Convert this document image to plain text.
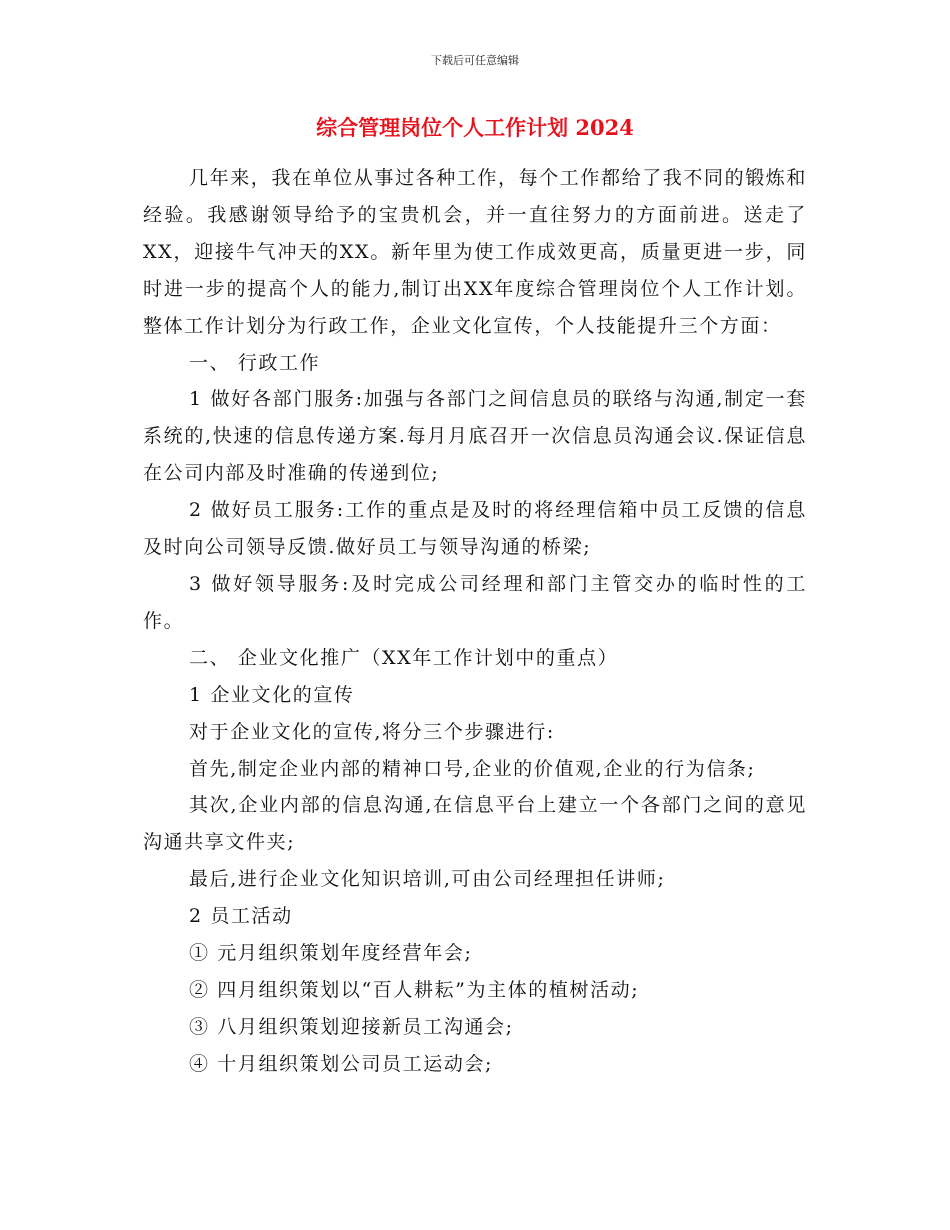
下载后可任意编辑
综合管理岗位个人工作计划 2024

几年来，我在单位从事过各种工作，每个工作都给了我不同的锻炼和经验。我感谢领导给予的宝贵机会，并一直往努力的方面前进。送走了XX，迎接牛气冲天的XX。新年里为使工作成效更高，质量更进一步，同时进一步的提高个人的能力,制订出XX年度综合管理岗位个人工作计划。整体工作计划分为行政工作，企业文化宣传，个人技能提升三个方面：

一、 行政工作

1 做好各部门服务:加强与各部门之间信息员的联络与沟通,制定一套系统的,快速的信息传递方案.每月月底召开一次信息员沟通会议.保证信息在公司内部及时准确的传递到位;

2 做好员工服务:工作的重点是及时的将经理信箱中员工反馈的信息及时向公司领导反馈.做好员工与领导沟通的桥梁;

3 做好领导服务:及时完成公司经理和部门主管交办的临时性的工作。

二、 企业文化推广（XX年工作计划中的重点）

1 企业文化的宣传

对于企业文化的宣传,将分三个步骤进行:

首先,制定企业内部的精神口号,企业的价值观,企业的行为信条;

其次,企业内部的信息沟通,在信息平台上建立一个各部门之间的意见沟通共享文件夹;

最后,进行企业文化知识培训,可由公司经理担任讲师;

2 员工活动

① 元月组织策划年度经营年会;

② 四月组织策划以“百人耕耘”为主体的植树活动;

③ 八月组织策划迎接新员工沟通会;

④ 十月组织策划公司员工运动会;
